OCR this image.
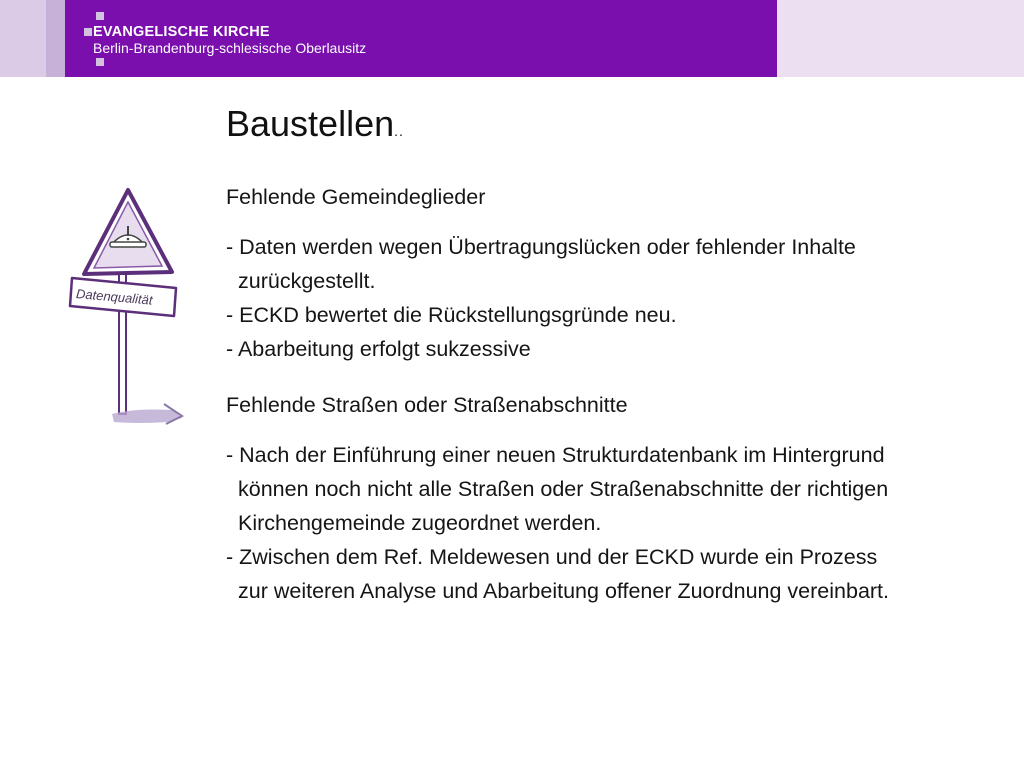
EVANGELISCHE KIRCHE
Berlin-Brandenburg-schlesische Oberlausitz
Datenqualität
Baustellen..

Fehlende Gemeindeglieder

- Daten werden wegen Übertragungslücken oder fehlender Inhalte zurückgestellt.
- ECKD bewertet die Rückstellungsgründe neu.
- Abarbeitung erfolgt sukzessive

Fehlende Straßen oder Straßenabschnitte

- Nach der Einführung einer neuen Strukturdatenbank im Hintergrund können noch nicht alle Straßen oder Straßenabschnitte der richtigen Kirchengemeinde zugeordnet werden.
- Zwischen dem Ref. Meldewesen und der ECKD wurde ein Prozess zur weiteren Analyse und Abarbeitung offener Zuordnung vereinbart.
